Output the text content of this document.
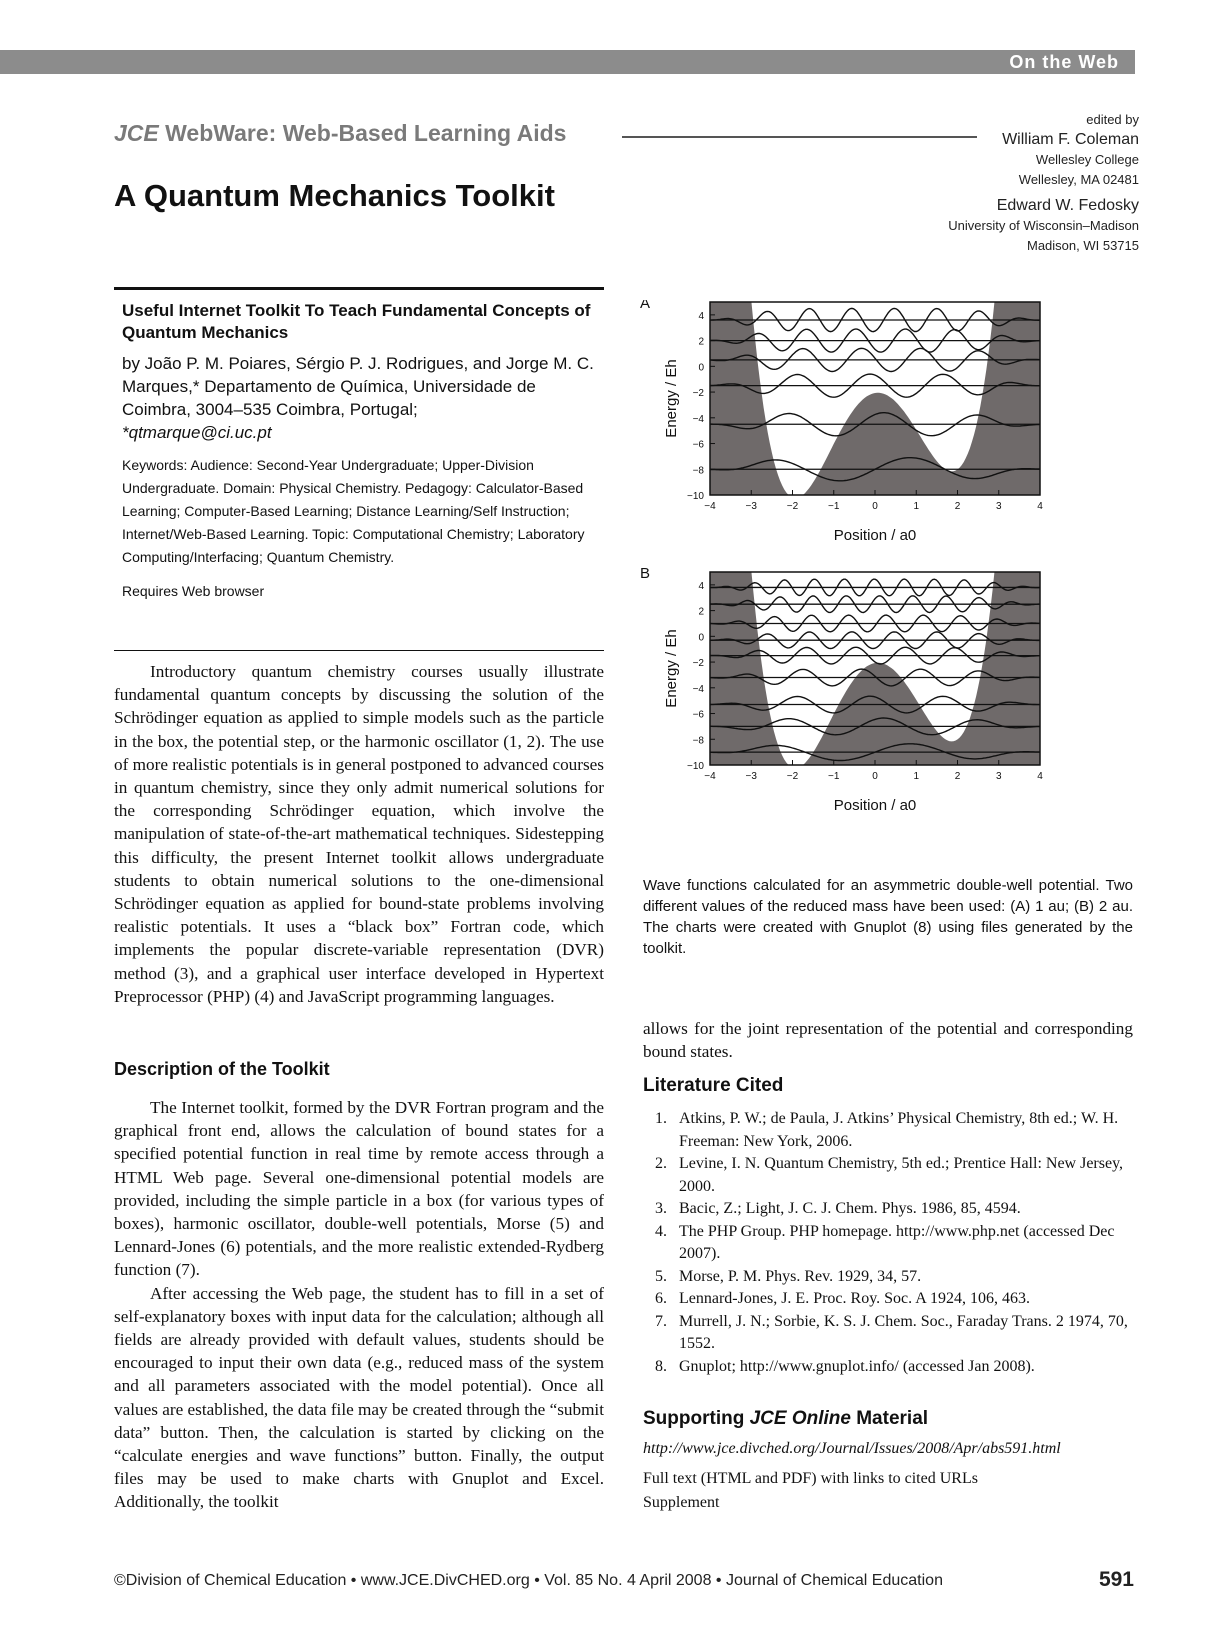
On the Web
JCE WebWare: Web-Based Learning Aids
A Quantum Mechanics Toolkit
edited by
William F. Coleman
Wellesley College
Wellesley, MA 02481
Edward W. Fedosky
University of Wisconsin–Madison
Madison, WI 53715
Useful Internet Toolkit To Teach Fundamental Concepts of Quantum Mechanics
by João P. M. Poiares, Sérgio P. J. Rodrigues, and Jorge M. C. Marques,* Departamento de Química, Universidade de Coimbra, 3004–535 Coimbra, Portugal;
*qtmarque@ci.uc.pt
Keywords: Audience: Second-Year Undergraduate; Upper-Division Undergraduate. Domain: Physical Chemistry. Pedagogy: Calculator-Based Learning; Computer-Based Learning; Distance Learning/Self Instruction; Internet/Web-Based Learning. Topic: Computational Chemistry; Laboratory Computing/Interfacing; Quantum Chemistry.
Requires Web browser

Introductory quantum chemistry courses usually illustrate fundamental quantum concepts by discussing the solution of the Schrödinger equation as applied to simple models such as the particle in the box, the potential step, or the harmonic oscillator (1, 2). The use of more realistic potentials is in general postponed to advanced courses in quantum chemistry, since they only admit numerical solutions for the corresponding Schrödinger equation, which involve the manipulation of state-of-the-art mathematical techniques. Sidestepping this difficulty, the present Internet toolkit allows undergraduate students to obtain numerical solutions to the one-dimensional Schrödinger equation as applied for bound-state problems involving realistic potentials. It uses a “black box” Fortran code, which implements the popular discrete-variable representation (DVR) method (3), and a graphical user interface developed in Hypertext Preprocessor (PHP) (4) and JavaScript programming languages.

Description of the Toolkit

The Internet toolkit, formed by the DVR Fortran program and the graphical front end, allows the calculation of bound states for a specified potential function in real time by remote access through a HTML Web page. Several one-dimensional potential models are provided, including the simple particle in a box (for various types of boxes), harmonic oscillator, double-well potentials, Morse (5) and Lennard-Jones (6) potentials, and the more realistic extended-Rydberg function (7).

After accessing the Web page, the student has to fill in a set of self-explanatory boxes with input data for the calculation; although all fields are already provided with default values, students should be encouraged to input their own data (e.g., reduced mass of the system and all parameters associated with the model potential). Once all values are established, the data file may be created through the “submit data” button. Then, the calculation is started by clicking on the “calculate energies and wave functions” button. Finally, the output files may be used to make charts with Gnuplot and Excel. Additionally, the toolkit

A
−4	−3	−2	−1	0	1	2	3	4
4
2
0
−2
−4
−6
−8
−10
Position / a0
Energy / Eh
B
−4	−3	−2	−1	0	1	2	3	4
4
2
0
−2
−4
−6
−8
−10
Position / a0
Energy / Eh
Wave functions calculated for an asymmetric double-well potential. Two different values of the reduced mass have been used: (A) 1 au; (B) 2 au. The charts were created with Gnuplot (8) using files generated by the toolkit.

allows for the joint representation of the potential and corresponding bound states.

Literature Cited
1. Atkins, P. W.; de Paula, J. Atkins’ Physical Chemistry, 8th ed.; W. H. Freeman: New York, 2006.
2. Levine, I. N. Quantum Chemistry, 5th ed.; Prentice Hall: New Jersey, 2000.
3. Bacic, Z.; Light, J. C. J. Chem. Phys. 1986, 85, 4594.
4. The PHP Group. PHP homepage. http://www.php.net (accessed Dec 2007).
5. Morse, P. M. Phys. Rev. 1929, 34, 57.
6. Lennard-Jones, J. E. Proc. Roy. Soc. A 1924, 106, 463.
7. Murrell, J. N.; Sorbie, K. S. J. Chem. Soc., Faraday Trans. 2 1974, 70, 1552.
8. Gnuplot; http://www.gnuplot.info/ (accessed Jan 2008).
Supporting JCE Online Material
http://www.jce.divched.org/Journal/Issues/2008/Apr/abs591.html
Full text (HTML and PDF) with links to cited URLs
Supplement
©Division of Chemical Education • www.JCE.DivCHED.org • Vol. 85 No. 4 April 2008 • Journal of Chemical Education	591
